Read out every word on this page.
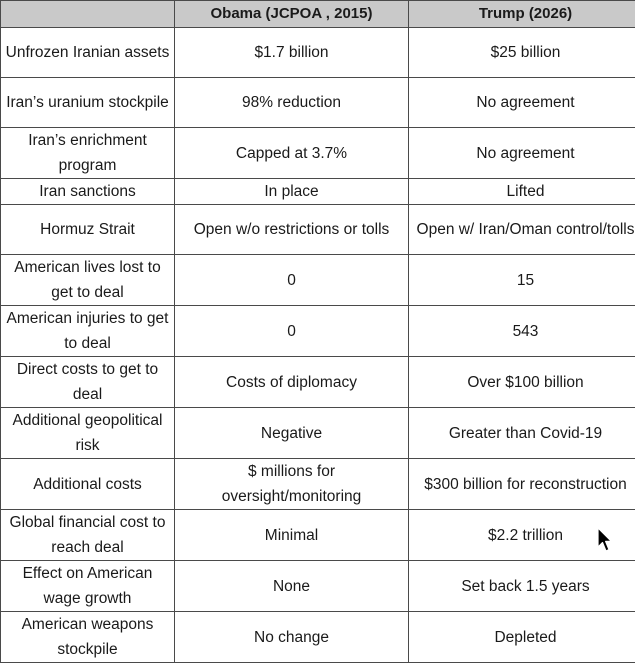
	Obama (JCPOA , 2015)	Trump (2026)
Unfrozen Iranian assets	$1.7 billion	$25 billion
Iran’s uranium stockpile	98% reduction	No agreement
Iran’s enrichment program	Capped at 3.7%	No agreement
Iran sanctions	In place	Lifted
Hormuz Strait	Open w/o restrictions or tolls	Open w/ Iran/Oman control/tolls
American lives lost to get to deal	0	15
American injuries to get to deal	0	543
Direct costs to get to deal	Costs of diplomacy	Over $100 billion
Additional geopolitical risk	Negative	Greater than Covid-19
Additional costs	$ millions for oversight/monitoring	$300 billion for reconstruction
Global financial cost to reach deal	Minimal	$2.2 trillion
Effect on American wage growth	None	Set back 1.5 years
American weapons stockpile	No change	Depleted
